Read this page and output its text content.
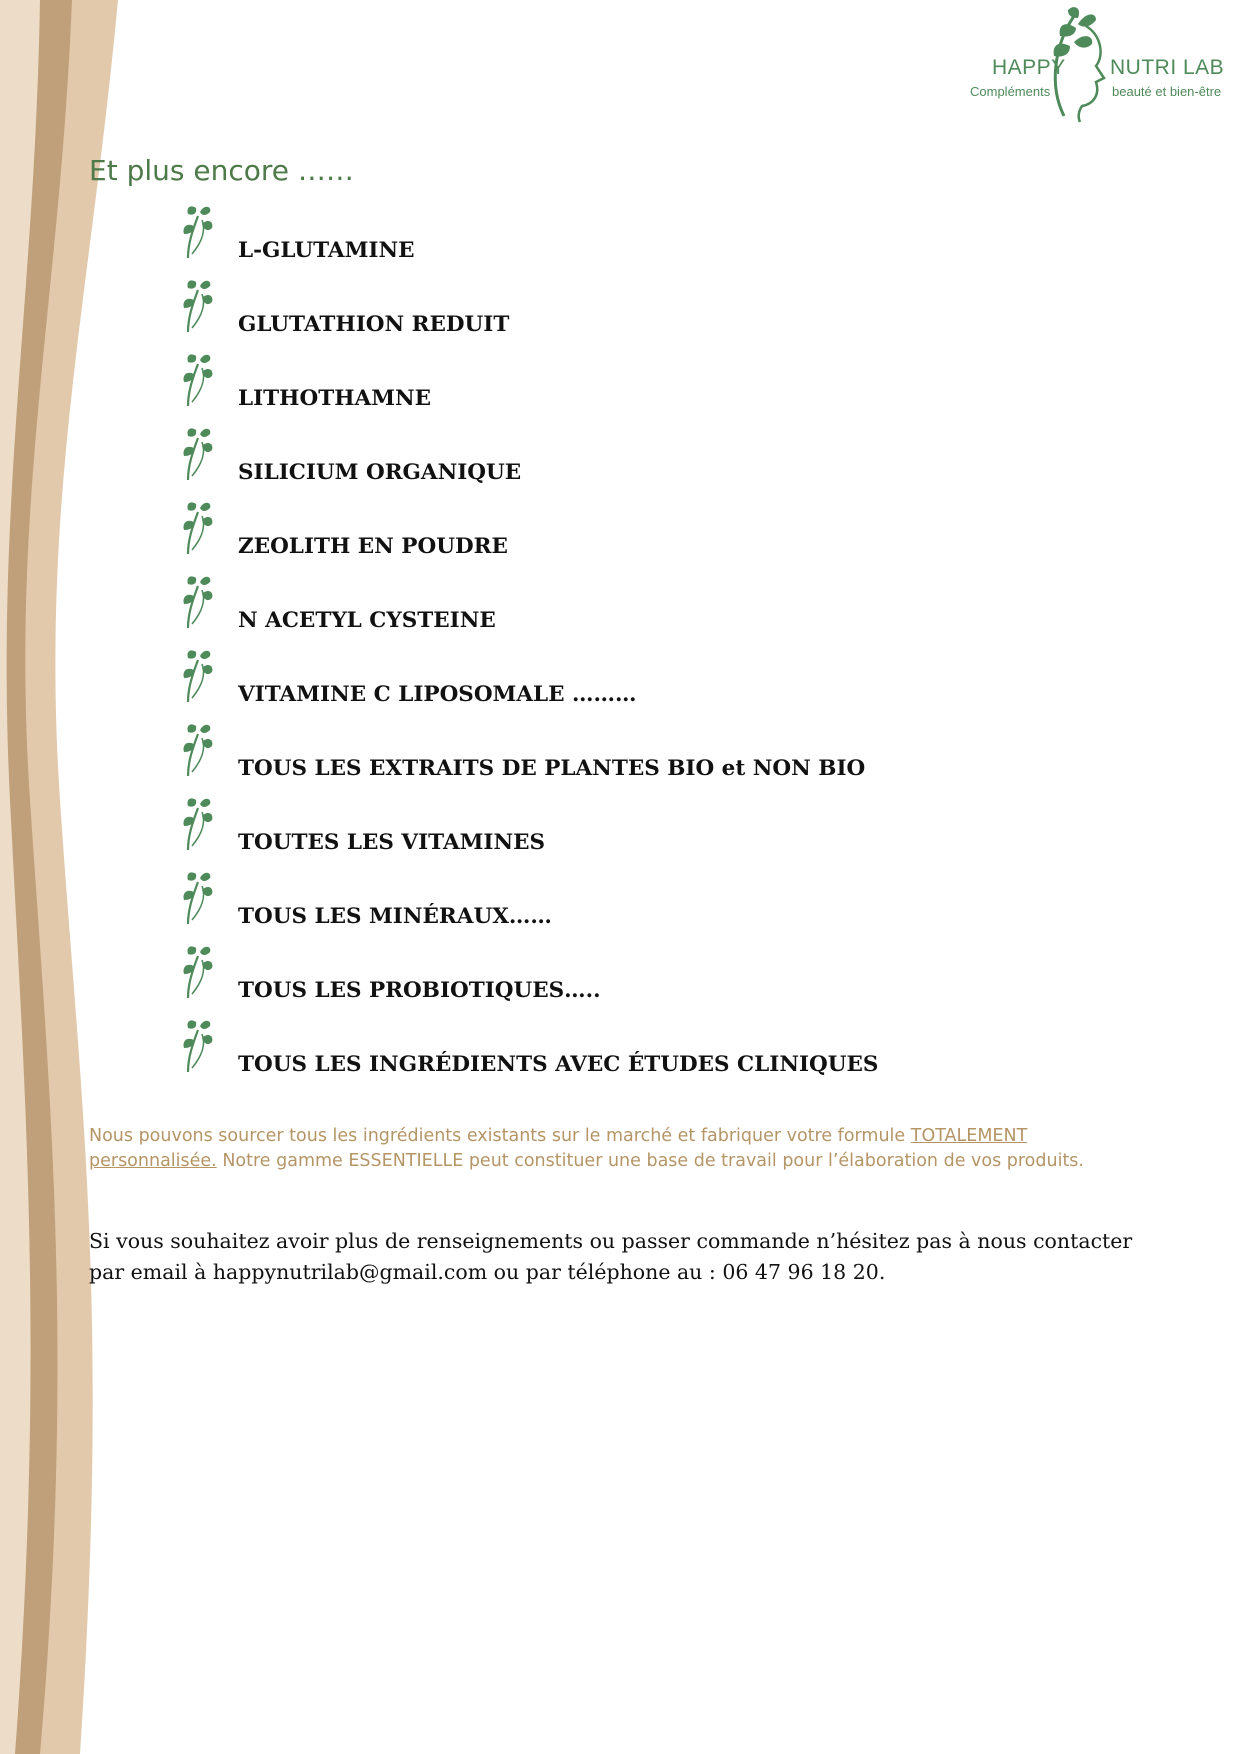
HAPPY NUTRI LAB
Compléments	beauté et bien-être
Et plus encore ……
L-GLUTAMINE
GLUTATHION REDUIT
LITHOTHAMNE
SILICIUM ORGANIQUE
ZEOLITH EN POUDRE
N ACETYL CYSTEINE
VITAMINE C LIPOSOMALE ………
TOUS LES EXTRAITS DE PLANTES BIO et NON BIO
TOUTES LES VITAMINES
TOUS LES MINÉRAUX……
TOUS LES PROBIOTIQUES…..
TOUS LES INGRÉDIENTS AVEC ÉTUDES CLINIQUES
Nous pouvons sourcer tous les ingrédients existants sur le marché et fabriquer votre formule TOTALEMENT personnalisée. Notre gamme ESSENTIELLE peut constituer une base de travail pour l’élaboration de vos produits.
Si vous souhaitez avoir plus de renseignements ou passer commande n’hésitez pas à nous contacter par email à happynutrilab@gmail.com ou par téléphone au : 06 47 96 18 20.
